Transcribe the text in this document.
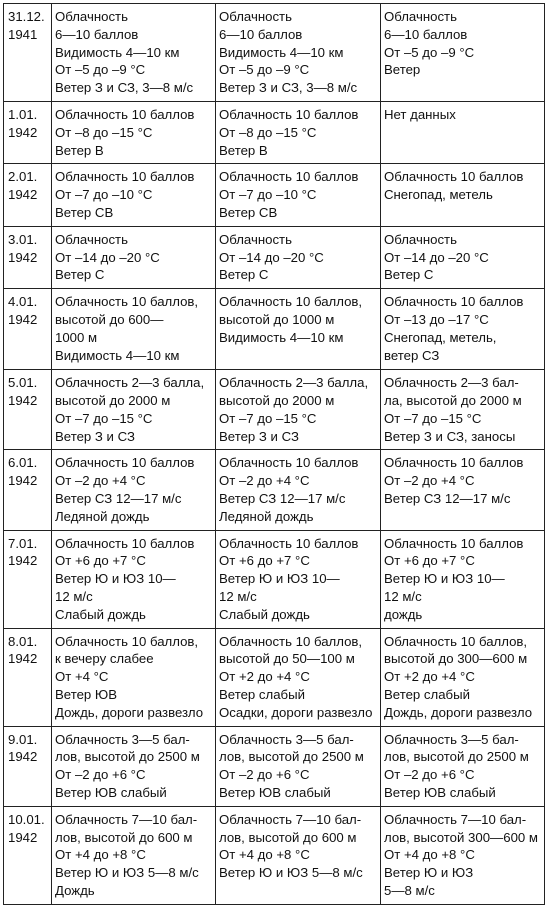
31.12.
1941	Облачность
6—10 баллов
Видимость 4—10 км
От –5 до –9 °С
Ветер З и СЗ, 3—8 м/с	Облачность
6—10 баллов
Видимость 4—10 км
От –5 до –9 °С
Ветер З и СЗ, 3—8 м/с	Облачность
6—10 баллов
От –5 до –9 °С
Ветер
1.01.
1942	Облачность 10 баллов
От –8 до –15 °С
Ветер В	Облачность 10 баллов
От –8 до –15 °С
Ветер В	Нет данных
2.01.
1942	Облачность 10 баллов
От –7 до –10 °С
Ветер СВ	Облачность 10 баллов
От –7 до –10 °С
Ветер СВ	Облачность 10 баллов
Снегопад, метель
3.01.
1942	Облачность
От –14 до –20 °С
Ветер С	Облачность
От –14 до –20 °С
Ветер С	Облачность
От –14 до –20 °С
Ветер С
4.01.
1942	Облачность 10 баллов,
высотой до 600—
1000 м
Видимость 4—10 км	Облачность 10 баллов,
высотой до 1000 м
Видимость 4—10 км	Облачность 10 баллов
От –13 до –17 °С
Снегопад, метель,
ветер СЗ
5.01.
1942	Облачность 2—3 балла,
высотой до 2000 м
От –7 до –15 °С
Ветер З и СЗ	Облачность 2—3 балла,
высотой до 2000 м
От –7 до –15 °С
Ветер З и СЗ	Облачность 2—3 бал-
ла, высотой до 2000 м
От –7 до –15 °С
Ветер З и СЗ, заносы
6.01.
1942	Облачность 10 баллов
От –2 до +4 °С
Ветер СЗ 12—17 м/с
Ледяной дождь	Облачность 10 баллов
От –2 до +4 °С
Ветер СЗ 12—17 м/с
Ледяной дождь	Облачность 10 баллов
От –2 до +4 °С
Ветер СЗ 12—17 м/с
7.01.
1942	Облачность 10 баллов
От +6 до +7 °С
Ветер Ю и ЮЗ 10—
12 м/с
Слабый дождь	Облачность 10 баллов
От +6 до +7 °С
Ветер Ю и ЮЗ 10—
12 м/с
Слабый дождь	Облачность 10 баллов
От +6 до +7 °С
Ветер Ю и ЮЗ 10—
12 м/с
дождь
8.01.
1942	Облачность 10 баллов,
к вечеру слабее
От +4 °С
Ветер ЮВ
Дождь, дороги развезло	Облачность 10 баллов,
высотой до 50—100 м
От +2 до +4 °С
Ветер слабый
Осадки, дороги развезло	Облачность 10 баллов,
высотой до 300—600 м
От +2 до +4 °С
Ветер слабый
Дождь, дороги развезло
9.01.
1942	Облачность 3—5 бал-
лов, высотой до 2500 м
От –2 до +6 °С
Ветер ЮВ слабый	Облачность 3—5 бал-
лов, высотой до 2500 м
От –2 до +6 °С
Ветер ЮВ слабый	Облачность 3—5 бал-
лов, высотой до 2500 м
От –2 до +6 °С
Ветер ЮВ слабый
10.01.
1942	Облачность 7—10 бал-
лов, высотой до 600 м
От +4 до +8 °С
Ветер Ю и ЮЗ 5—8 м/с
Дождь	Облачность 7—10 бал-
лов, высотой до 600 м
От +4 до +8 °С
Ветер Ю и ЮЗ 5—8 м/с	Облачность 7—10 бал-
лов, высотой 300—600 м
От +4 до +8 °С
Ветер Ю и ЮЗ
5—8 м/с
